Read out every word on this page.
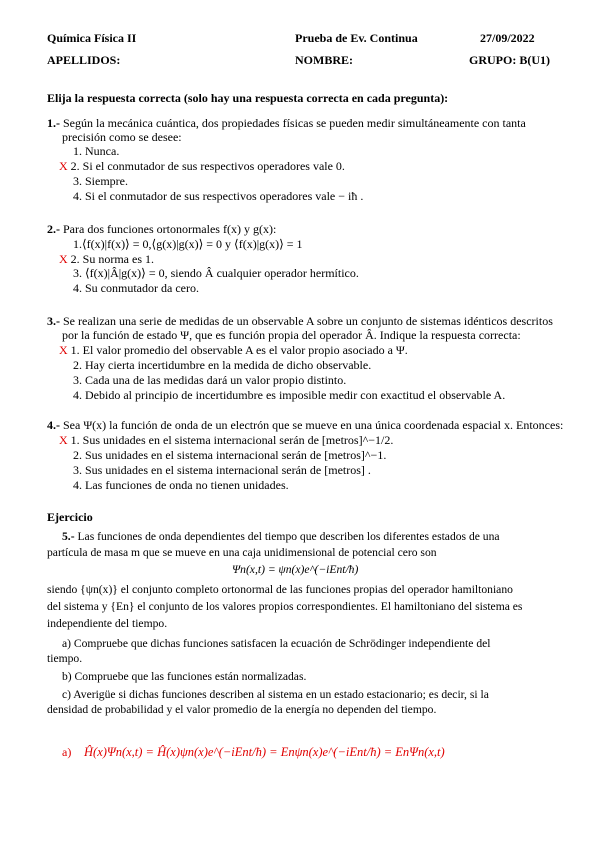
Química Física II	Prueba de Ev. Continua	27/09/2022
APELLIDOS:	NOMBRE:	GRUPO: B(U1)
Elija la respuesta correcta (solo hay una respuesta correcta en cada pregunta):
1.- Según la mecánica cuántica, dos propiedades físicas se pueden medir simultáneamente con tanta
precisión como se desee:
1. Nunca.
X 2. Si el conmutador de sus respectivos operadores vale 0.
3. Siempre.
4. Si el conmutador de sus respectivos operadores vale − iħ .
2.- Para dos funciones ortonormales f(x) y g(x):
1.⟨f(x)|f(x)⟩ = 0,⟨g(x)|g(x)⟩ = 0 y ⟨f(x)|g(x)⟩ = 1
X 2. Su norma es 1.
3. ⟨f(x)|Â|g(x)⟩ = 0, siendo Â cualquier operador hermítico.
4. Su conmutador da cero.
3.- Se realizan una serie de medidas de un observable A sobre un conjunto de sistemas idénticos descritos
por la función de estado Ψ, que es función propia del operador Â. Indique la respuesta correcta:
X 1. El valor promedio del observable A es el valor propio asociado a Ψ.
2. Hay cierta incertidumbre en la medida de dicho observable.
3. Cada una de las medidas dará un valor propio distinto.
4. Debido al principio de incertidumbre es imposible medir con exactitud el observable A.
4.- Sea Ψ(x) la función de onda de un electrón que se mueve en una única coordenada espacial x. Entonces:
X 1. Sus unidades en el sistema internacional serán de [metros]^−1/2.
2. Sus unidades en el sistema internacional serán de [metros]^−1.
3. Sus unidades en el sistema internacional serán de [metros] .
4. Las funciones de onda no tienen unidades.
Ejercicio
5.- Las funciones de onda dependientes del tiempo que describen los diferentes estados de una
partícula de masa m que se mueve en una caja unidimensional de potencial cero son
Ψn(x,t) = ψn(x)e^(−iEnt/ħ)
siendo {ψn(x)} el conjunto completo ortonormal de las funciones propias del operador hamiltoniano
del sistema y {En} el conjunto de los valores propios correspondientes. El hamiltoniano del sistema es
independiente del tiempo.
a) Compruebe que dichas funciones satisfacen la ecuación de Schrödinger independiente del
tiempo.
b) Compruebe que las funciones están normalizadas.
c) Averigüe si dichas funciones describen al sistema en un estado estacionario; es decir, si la
densidad de probabilidad y el valor promedio de la energía no dependen del tiempo.
a) Ĥ(x)Ψn(x,t) = Ĥ(x)ψn(x)e^(−iEnt/ħ) = Enψn(x)e^(−iEnt/ħ) = EnΨn(x,t)
